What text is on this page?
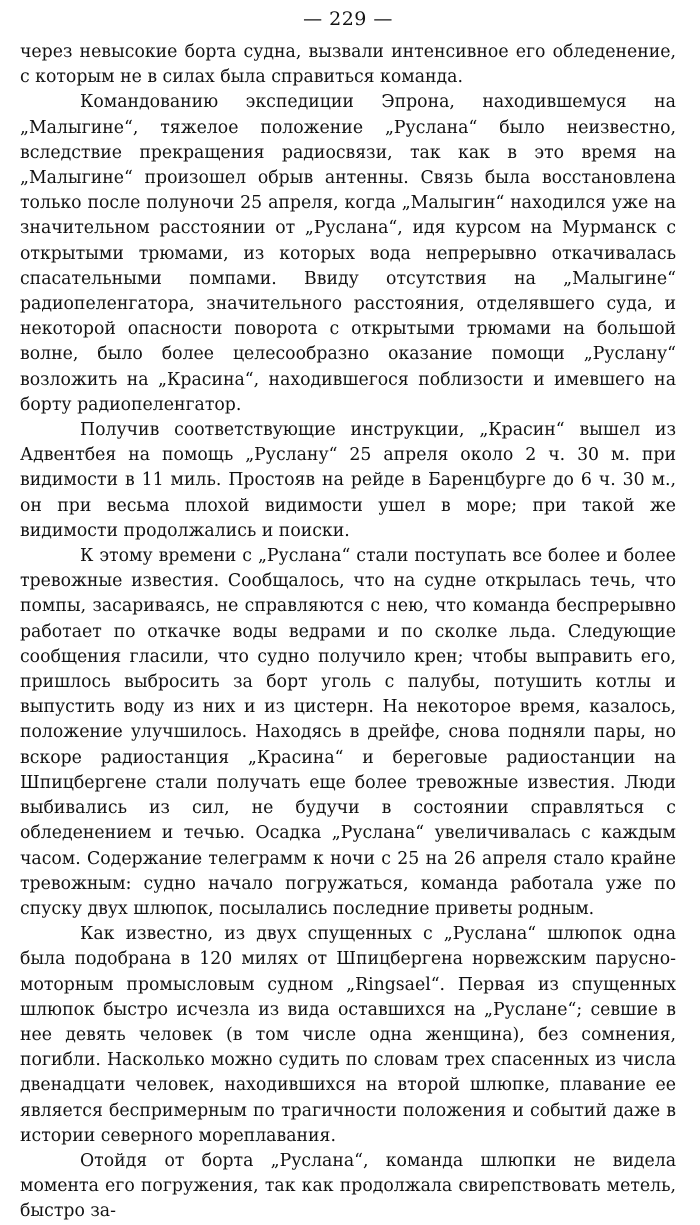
— 229 —

через невысокие борта судна, вызвали интенсивное его обледенение, с которым не в силах была справиться команда.

Командованию экспедиции Эпрона, находившемуся на „Малыгине“, тяжелое положение „Руслана“ было неизвестно, вследствие прекращения радиосвязи, так как в это время на „Малыгине“ произошел обрыв антенны. Связь была восстановлена только после полуночи 25 апреля, когда „Малыгин“ находился уже на значительном расстоянии от „Руслана“, идя курсом на Мурманск с открытыми трюмами, из которых вода непрерывно откачивалась спасательными помпами. Ввиду отсутствия на „Малыгине“ радиопеленгатора, значительного расстояния, отделявшего суда, и некоторой опасности поворота с открытыми трюмами на большой волне, было более целесообразно оказание помощи „Руслану“ возложить на „Красина“, находившегося поблизости и имевшего на борту радиопеленгатор.

Получив соответствующие инструкции, „Красин“ вышел из Адвентбея на помощь „Руслану“ 25 апреля около 2 ч. 30 м. при видимости в 11 миль. Простояв на рейде в Баренцбурге до 6 ч. 30 м., он при весьма плохой видимости ушел в море; при такой же видимости продолжались и поиски.

К этому времени с „Руслана“ стали поступать все более и более тревожные известия. Сообщалось, что на судне открылась течь, что помпы, засариваясь, не справляются с нею, что команда беспрерывно работает по откачке воды ведрами и по сколке льда. Следующие сообщения гласили, что судно получило крен; чтобы выправить его, пришлось выбросить за борт уголь с палубы, потушить котлы и выпустить воду из них и из цистерн. На некоторое время, казалось, положение улучшилось. Находясь в дрейфе, снова подняли пары, но вскоре радиостанция „Красина“ и береговые радиостанции на Шпицбергене стали получать еще более тревожные известия. Люди выбивались из сил, не будучи в состоянии справляться с обледенением и течью. Осадка „Руслана“ увеличивалась с каждым часом. Содержание телеграмм к ночи с 25 на 26 апреля стало крайне тревожным: судно начало погружаться, команда работала уже по спуску двух шлюпок, посылались последние приветы родным.

Как известно, из двух спущенных с „Руслана“ шлюпок одна была подобрана в 120 милях от Шпицбергена норвежским парусно-моторным промысловым судном „Ringsael“. Первая из спущенных шлюпок быстро исчезла из вида оставшихся на „Руслане“; севшие в нее девять человек (в том числе одна женщина), без сомнения, погибли. Насколько можно судить по словам трех спасенных из числа двенадцати человек, находившихся на второй шлюпке, плавание ее является беспримерным по трагичности положения и событий даже в истории северного мореплавания.

Отойдя от борта „Руслана“, команда шлюпки не видела момента его погружения, так как продолжала свирепствовать метель, быстро за-
